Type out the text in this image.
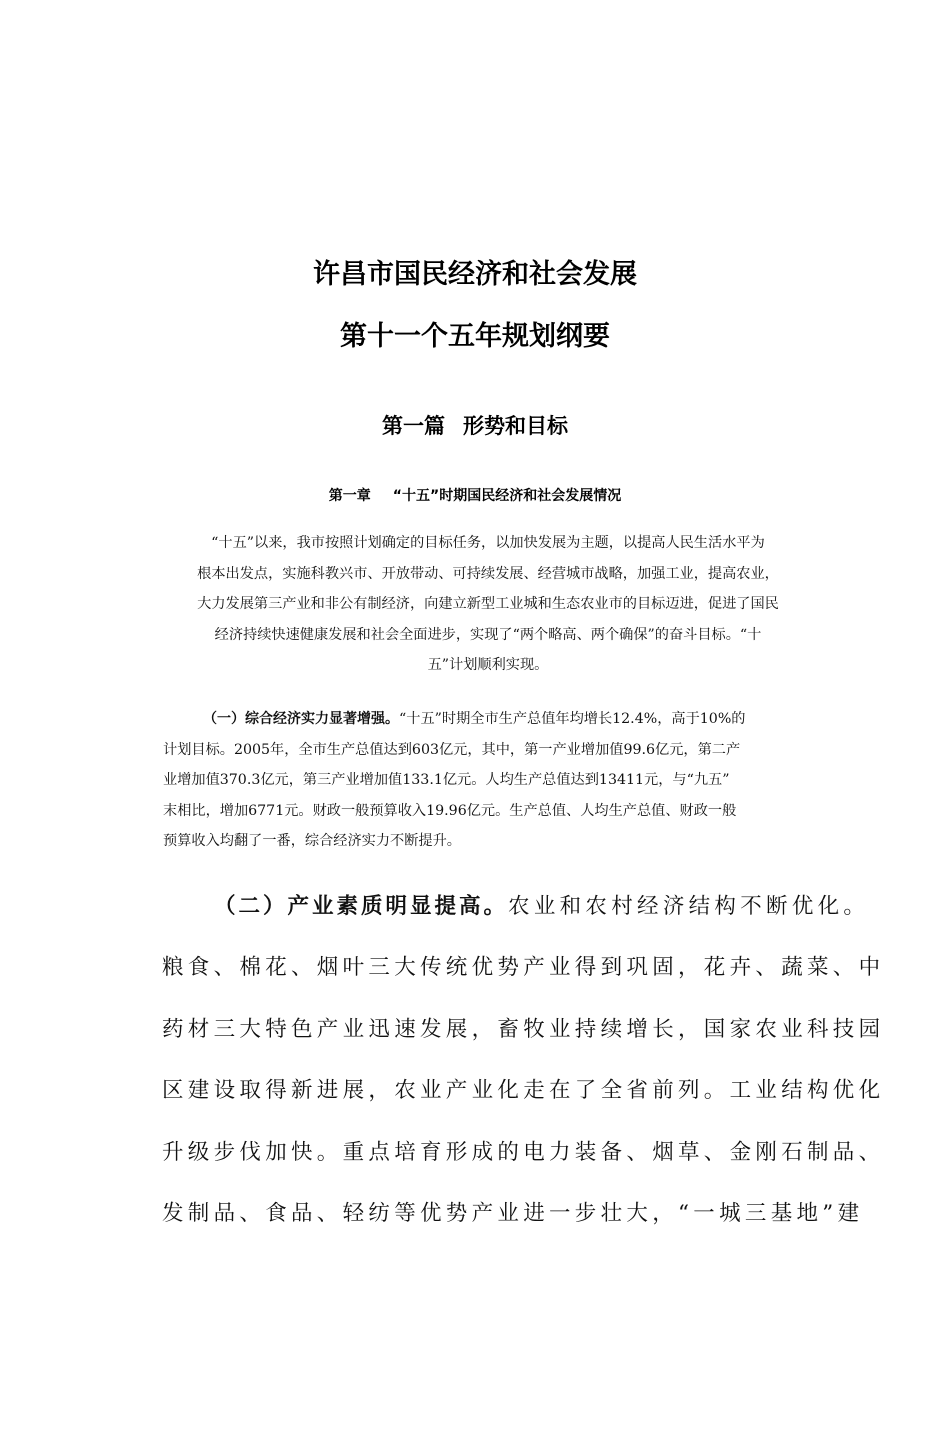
许昌市国民经济和社会发展
第十一个五年规划纲要
第一篇 形势和目标
第一章 “十五”时期国民经济和社会发展情况
“十五”以来，我市按照计划确定的目标任务，以加快发展为主题，以提高人民生活水平为
根本出发点，实施科教兴市、开放带动、可持续发展、经营城市战略，加强工业，提高农业，
大力发展第三产业和非公有制经济，向建立新型工业城和生态农业市的目标迈进，促进了国民
经济持续快速健康发展和社会全面进步，实现了“两个略高、两个确保”的奋斗目标。“十
五”计划顺利实现。
（一）综合经济实力显著增强。“十五”时期全市生产总值年均增长12.4%，高于10%的
计划目标。2005年，全市生产总值达到603亿元，其中，第一产业增加值99.6亿元，第二产
业增加值370.3亿元，第三产业增加值133.1亿元。人均生产总值达到13411元，与“九五”
末相比，增加6771元。财政一般预算收入19.96亿元。生产总值、人均生产总值、财政一般
预算收入均翻了一番，综合经济实力不断提升。
（二）产业素质明显提高。农业和农村经济结构不断优化。
粮食、棉花、烟叶三大传统优势产业得到巩固，花卉、蔬菜、中
药材三大特色产业迅速发展，畜牧业持续增长，国家农业科技园
区建设取得新进展，农业产业化走在了全省前列。工业结构优化
升级步伐加快。重点培育形成的电力装备、烟草、金刚石制品、
发制品、食品、轻纺等优势产业进一步壮大，“一城三基地”建
